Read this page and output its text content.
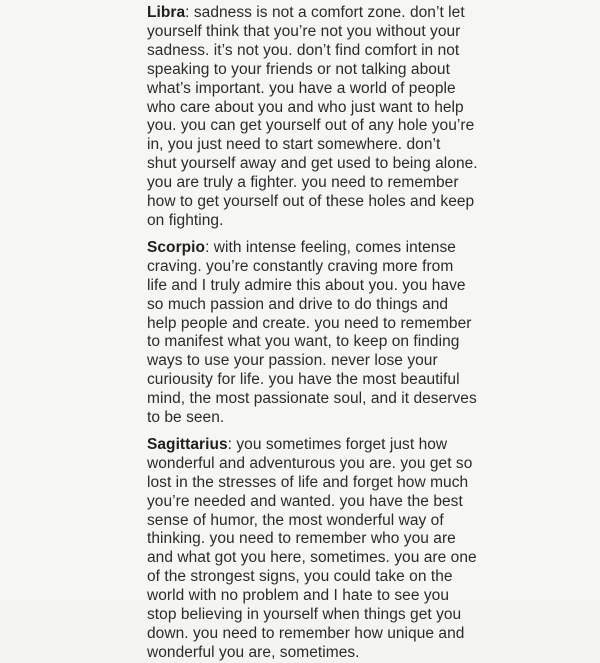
Libra: sadness is not a comfort zone. don’t let
yourself think that you’re not you without your
sadness. it’s not you. don’t find comfort in not
speaking to your friends or not talking about
what’s important. you have a world of people
who care about you and who just want to help
you. you can get yourself out of any hole you’re
in, you just need to start somewhere. don’t
shut yourself away and get used to being alone.
you are truly a fighter. you need to remember
how to get yourself out of these holes and keep
on fighting.
Scorpio: with intense feeling, comes intense
craving. you’re constantly craving more from
life and I truly admire this about you. you have
so much passion and drive to do things and
help people and create. you need to remember
to manifest what you want, to keep on finding
ways to use your passion. never lose your
curiousity for life. you have the most beautiful
mind, the most passionate soul, and it deserves
to be seen.
Sagittarius: you sometimes forget just how
wonderful and adventurous you are. you get so
lost in the stresses of life and forget how much
you’re needed and wanted. you have the best
sense of humor, the most wonderful way of
thinking. you need to remember who you are
and what got you here, sometimes. you are one
of the strongest signs, you could take on the
world with no problem and I hate to see you
stop believing in yourself when things get you
down. you need to remember how unique and
wonderful you are, sometimes.
